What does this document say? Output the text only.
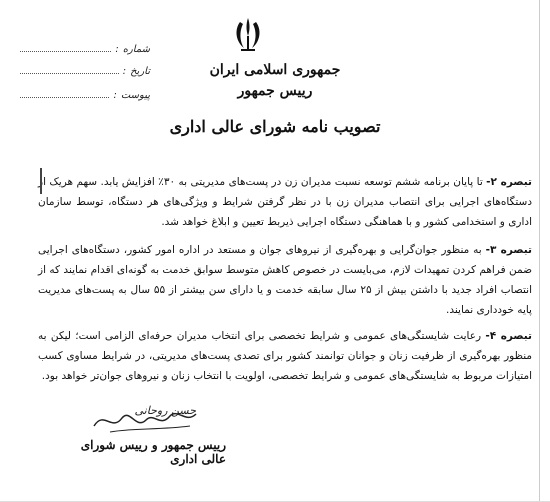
جمهوری اسلامی ایران
رییس جمهور
تصویب نامه شورای عالی اداری
شماره
:
تاریخ
:
پیوست
:
تبصره ۲- تا پایان برنامه ششم توسعه نسبت مدیران زن در پست‌های مدیریتی به ۳۰٪ افزایش یابد. سهم هریک از دستگاه‌های اجرایی برای انتصاب مدیران زن با در نظر گرفتن شرایط و ویژگی‌های هر دستگاه، توسط سازمان اداری و استخدامی کشور و با هماهنگی دستگاه اجرایی ذیربط تعیین و ابلاغ خواهد شد.
تبصره ۳- به منظور جوان‌گرایی و بهره‌گیری از نیروهای جوان و مستعد در اداره امور کشور، دستگاه‌های اجرایی ضمن فراهم کردن تمهیدات لازم، می‌بایست در خصوص کاهش متوسط سوابق خدمت به گونه‌ای اقدام نمایند که از انتصاب افراد جدید با داشتن بیش از ۲۵ سال سابقه خدمت و یا دارای سن بیشتر از ۵۵ سال به پست‌های مدیریت پایه خودداری نمایند.
تبصره ۴- رعایت شایستگی‌های عمومی و شرایط تخصصی برای انتخاب مدیران حرفه‌ای الزامی است؛ لیکن به منظور بهره‌گیری از ظرفیت زنان و جوانان توانمند کشور برای تصدی پست‌های مدیریتی، در شرایط مساوی کسب امتیازات مربوط به شایستگی‌های عمومی و شرایط تخصصی، اولویت با انتخاب زنان و نیروهای جوان‌تر خواهد بود.
حسن روحانی
رییس جمهور و رییس شورای عالی اداری
